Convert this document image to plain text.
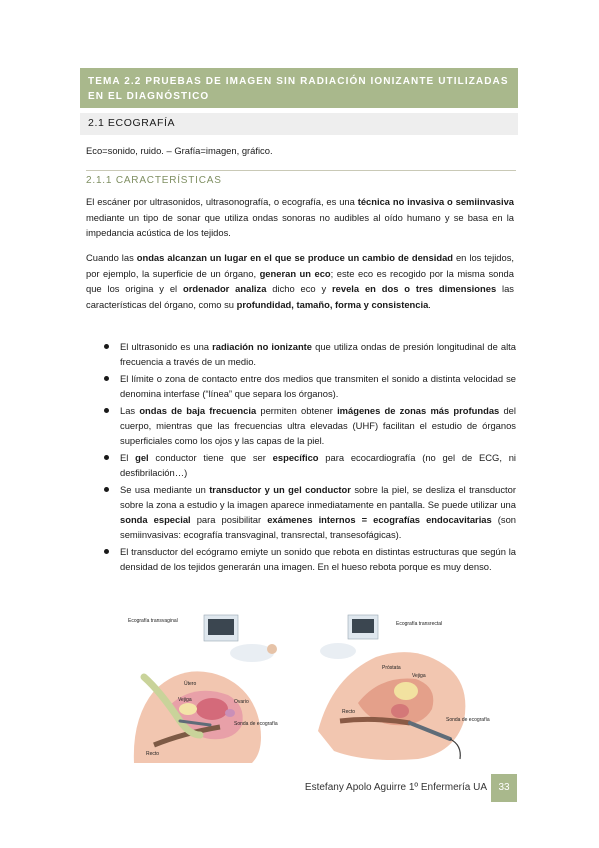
TEMA 2.2 PRUEBAS DE IMAGEN SIN RADIACIÓN IONIZANTE UTILIZADAS EN EL DIAGNÓSTICO
2.1 ECOGRAFÍA
Eco=sonido, ruido. – Grafía=imagen, gráfico.
2.1.1 CARACTERÍSTICAS
El escáner por ultrasonidos, ultrasonografía, o ecografía, es una técnica no invasiva o semiinvasiva mediante un tipo de sonar que utiliza ondas sonoras no audibles al oído humano y se basa en la impedancia acústica de los tejidos.
Cuando las ondas alcanzan un lugar en el que se produce un cambio de densidad en los tejidos, por ejemplo, la superficie de un órgano, generan un eco; este eco es recogido por la misma sonda que los origina y el ordenador analiza dicho eco y revela en dos o tres dimensiones las características del órgano, como su profundidad, tamaño, forma y consistencia.
El ultrasonido es una radiación no ionizante que utiliza ondas de presión longitudinal de alta frecuencia a través de un medio.
El límite o zona de contacto entre dos medios que transmiten el sonido a distinta velocidad se denomina interfase (“línea” que separa los órganos).
Las ondas de baja frecuencia permiten obtener imágenes de zonas más profundas del cuerpo, mientras que las frecuencias ultra elevadas (UHF) facilitan el estudio de órganos superficiales como los ojos y las capas de la piel.
El gel conductor tiene que ser específico para ecocardiografía (no gel de ECG, ni desfibrilación…)
Se usa mediante un transductor y un gel conductor sobre la piel, se desliza el transductor sobre la zona a estudio y la imagen aparece inmediatamente en pantalla. Se puede utilizar una sonda especial para posibilitar exámenes internos = ecografías endocavitarias (son semiinvasivas: ecografía transvaginal, transrectal, transesofágicas).
El transductor del ecógramo emiyte un sonido que rebota en distintas estructuras que según la densidad de los tejidos generarán una imagen. En el hueso rebota porque es muy denso.
Ecografía transvaginal
Útero
Vejiga	Ovario
Sonda de ecografía
Recto
Ecografía transrectal
Próstata
Vejiga
Recto
Sonda de ecografía
Estefany Apolo Aguirre 1º Enfermería UA	33
